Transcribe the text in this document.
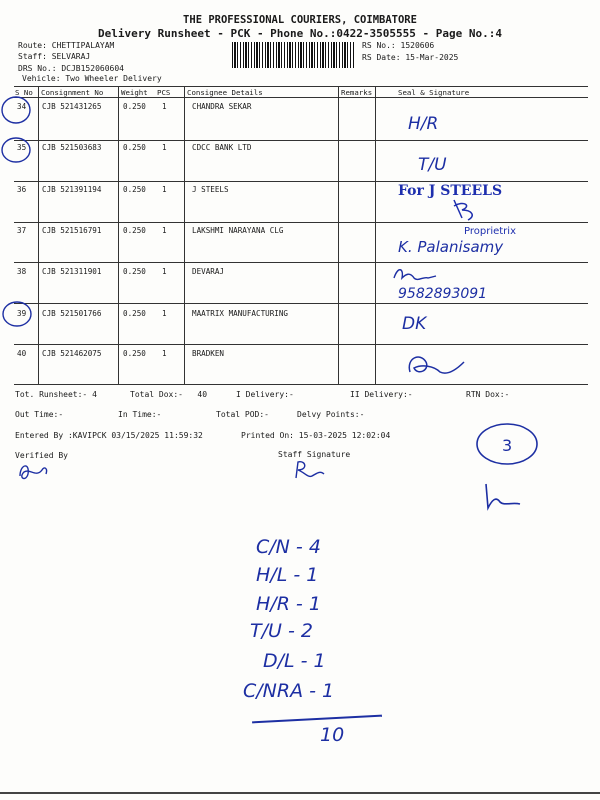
THE PROFESSIONAL COURIERS, COIMBATORE
Delivery Runsheet - PCK - Phone No.:0422-3505555 - Page No.:4
Route: CHETTIPALAYAM
Staff: SELVARAJ
DRS No.: DCJB152060604
Vehicle: Two Wheeler Delivery
RS No.: 1520606
RS Date: 15-Mar-2025
S No Consignment No Weight PCS Consignee Details	Remarks	Seal & Signature
34 CJB 521431265	0.250 1	CHANDRA SEKAR
35 CJB 521503683	0.250 1	CDCC BANK LTD
36 CJB 521391194	0.250 1	J STEELS
37 CJB 521516791	0.250 1	LAKSHMI NARAYANA CLG
38 CJB 521311901	0.250 1	DEVARAJ
39 CJB 521501766	0.250 1	MAATRIX MANUFACTURING
40 CJB 521462075	0.250 1	BRADKEN
Tot. Runsheet:- 4	Total Dox:-   40	I Delivery:-	II Delivery:-	RTN Dox:-
Out Time:-	In Time:-	Total POD:-	Delvy Points:-
Entered By :KAVIPCK 03/15/2025 11:59:32	Printed On: 15-03-2025 12:02:04
Verified By	Staff Signature
H/R
T/U
For J STEELS
Proprietrix
K. Palanisamy
9582893091
DK
3
C/N - 4
H/L - 1
H/R - 1
T/U - 2
D/L - 1
C/NRA - 1
10
